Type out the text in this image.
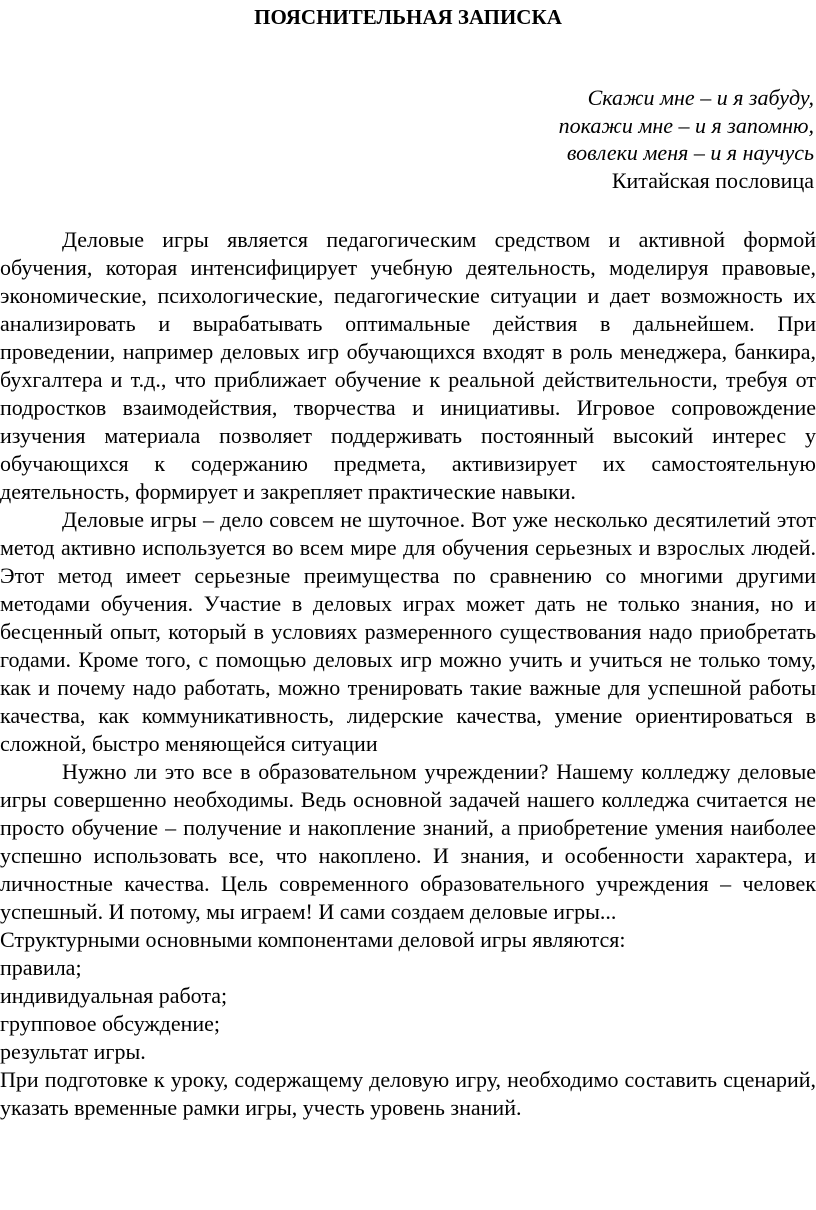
ПОЯСНИТЕЛЬНАЯ ЗАПИСКА
Скажи мне – и я забуду,
покажи мне – и я запомню,
вовлеки меня – и я научусь
Китайская пословица

Деловые игры является педагогическим средством и активной формой обучения, которая интенсифицирует учебную деятельность, моделируя правовые, экономические, психологические, педагогические ситуации и дает возможность их анализировать и вырабатывать оптимальные действия в дальнейшем. При проведении, например деловых игр обучающихся входят в роль менеджера, банкира, бухгалтера и т.д., что приближает обучение к реальной действительности, требуя от подростков взаимодействия, творчества и инициативы. Игровое сопровождение изучения материала позволяет поддерживать постоянный высокий интерес у обучающихся к содержанию предмета, активизирует их самостоятельную деятельность, формирует и закрепляет практические навыки.

Деловые игры – дело совсем не шуточное. Вот уже несколько десятилетий этот метод активно используется во всем мире для обучения серьезных и взрослых людей. Этот метод имеет серьезные преимущества по сравнению со многими другими методами обучения. Участие в деловых играх может дать не только знания, но и бесценный опыт, который в условиях размеренного существования надо приобретать годами. Кроме того, с помощью деловых игр можно учить и учиться не только тому, как и почему надо работать, можно тренировать такие важные для успешной работы качества, как коммуникативность, лидерские качества, умение ориентироваться в сложной, быстро меняющейся ситуации

Нужно ли это все в образовательном учреждении? Нашему колледжу деловые игры совершенно необходимы. Ведь основной задачей нашего колледжа считается не просто обучение – получение и накопление знаний, а приобретение умения наиболее успешно использовать все, что накоплено. И знания, и особенности характера, и личностные качества. Цель современного образовательного учреждения – человек успешный. И потому, мы играем! И сами создаем деловые игры...

Структурными основными компонентами деловой игры являются:

правила;

индивидуальная работа;

групповое обсуждение;

результат игры.

При подготовке к уроку, содержащему деловую игру, необходимо составить сценарий, указать временные рамки игры, учесть уровень знаний.
